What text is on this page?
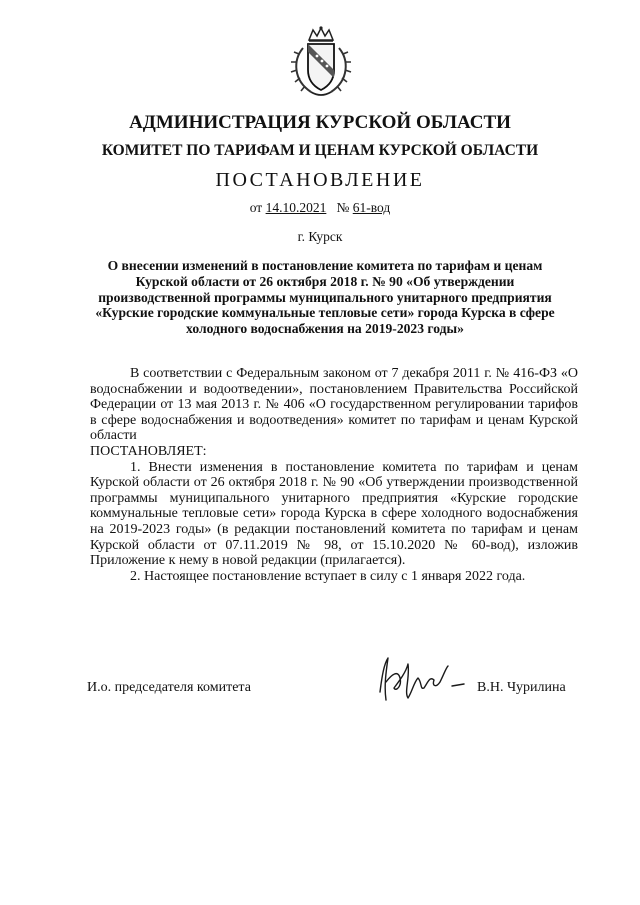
АДМИНИСТРАЦИЯ КУРСКОЙ ОБЛАСТИ
КОМИТЕТ ПО ТАРИФАМ И ЦЕНАМ КУРСКОЙ ОБЛАСТИ
ПОСТАНОВЛЕНИЕ
от 14.10.2021 № 61-вод
г. Курск
О внесении изменений в постановление комитета по тарифам и ценам Курской области от 26 октября 2018 г. № 90 «Об утверждении производственной программы муниципального унитарного предприятия «Курские городские коммунальные тепловые сети» города Курска в сфере холодного водоснабжения на 2019-2023 годы»

В соответствии с Федеральным законом от 7 декабря 2011 г. № 416-ФЗ «О водоснабжении и водоотведении», постановлением Правительства Российской Федерации от 13 мая 2013 г. № 406 «О государственном регулировании тарифов в сфере водоснабжения и водоотведения» комитет по тарифам и ценам Курской области

ПОСТАНОВЛЯЕТ:

1. Внести изменения в постановление комитета по тарифам и ценам Курской области от 26 октября 2018 г. № 90 «Об утверждении производственной программы муниципального унитарного предприятия «Курские городские коммунальные тепловые сети» города Курска в сфере холодного водоснабжения на 2019-2023 годы» (в редакции постановлений комитета по тарифам и ценам Курской области от 07.11.2019 № 98, от 15.10.2020 № 60-вод), изложив Приложение к нему в новой редакции (прилагается).

2. Настоящее постановление вступает в силу с 1 января 2022 года.

И.о. председателя комитета	В.Н. Чурилина
